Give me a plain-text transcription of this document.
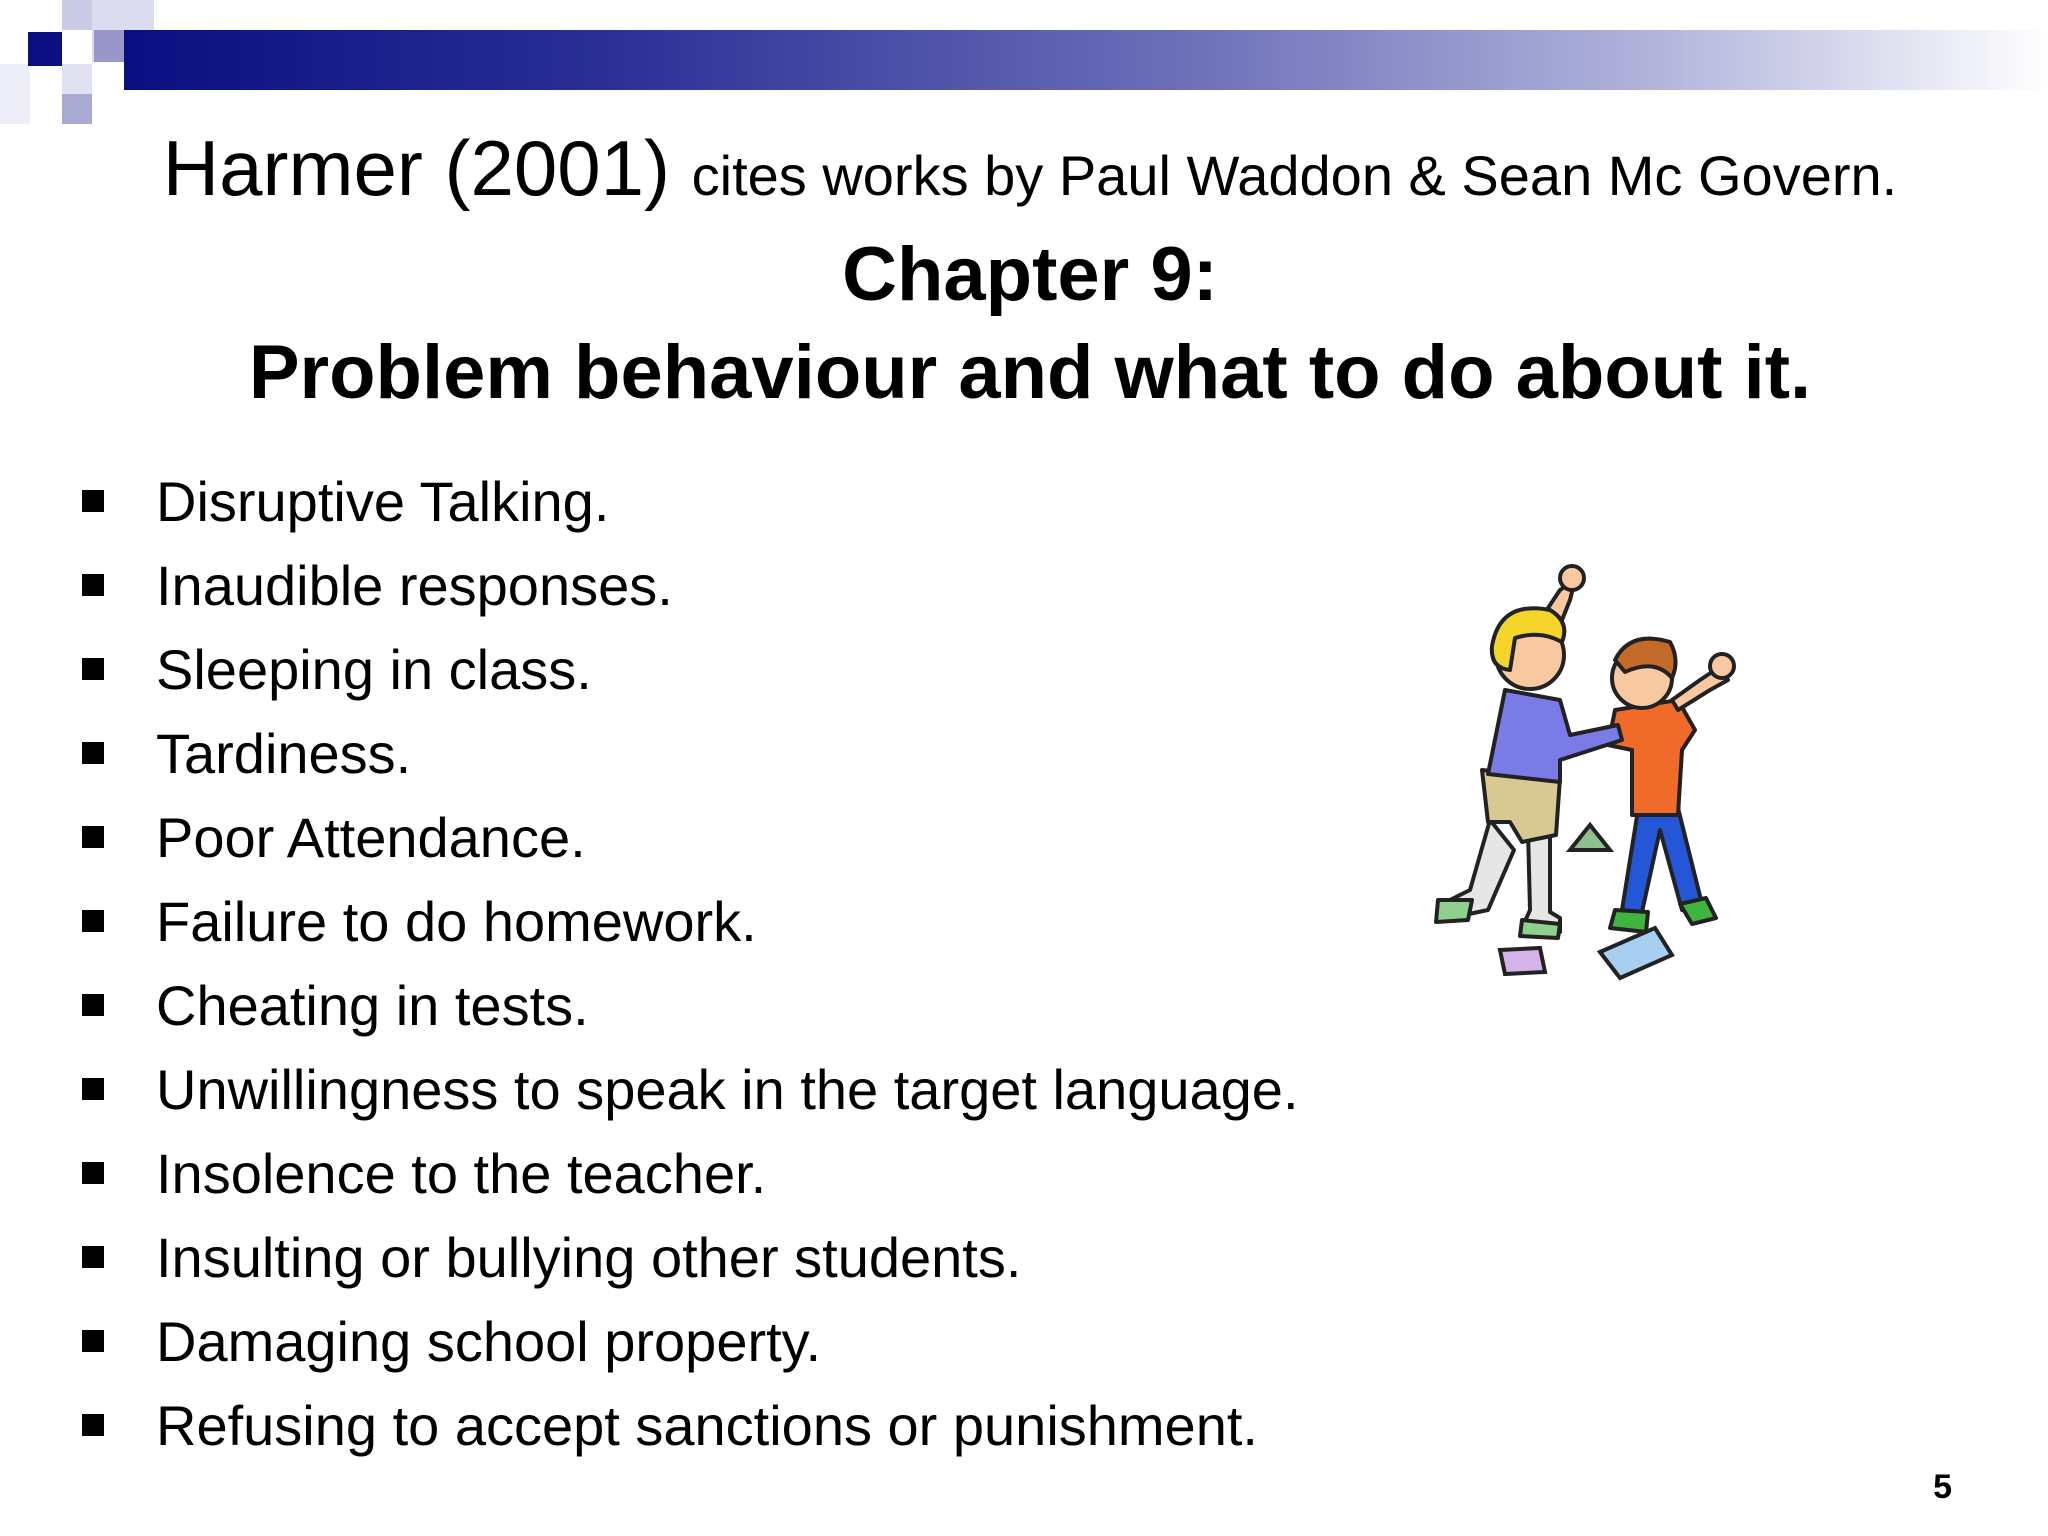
Harmer (2001) cites works by Paul Waddon & Sean Mc Govern.
Chapter 9:
Problem behaviour and what to do about it.
Disruptive Talking.
Inaudible responses.
Sleeping in class.
Tardiness.
Poor Attendance.
Failure to do homework.
Cheating in tests.
Unwillingness to speak in the target language.
Insolence to the teacher.
Insulting or bullying other students.
Damaging school property.
Refusing to accept sanctions or punishment.
5
